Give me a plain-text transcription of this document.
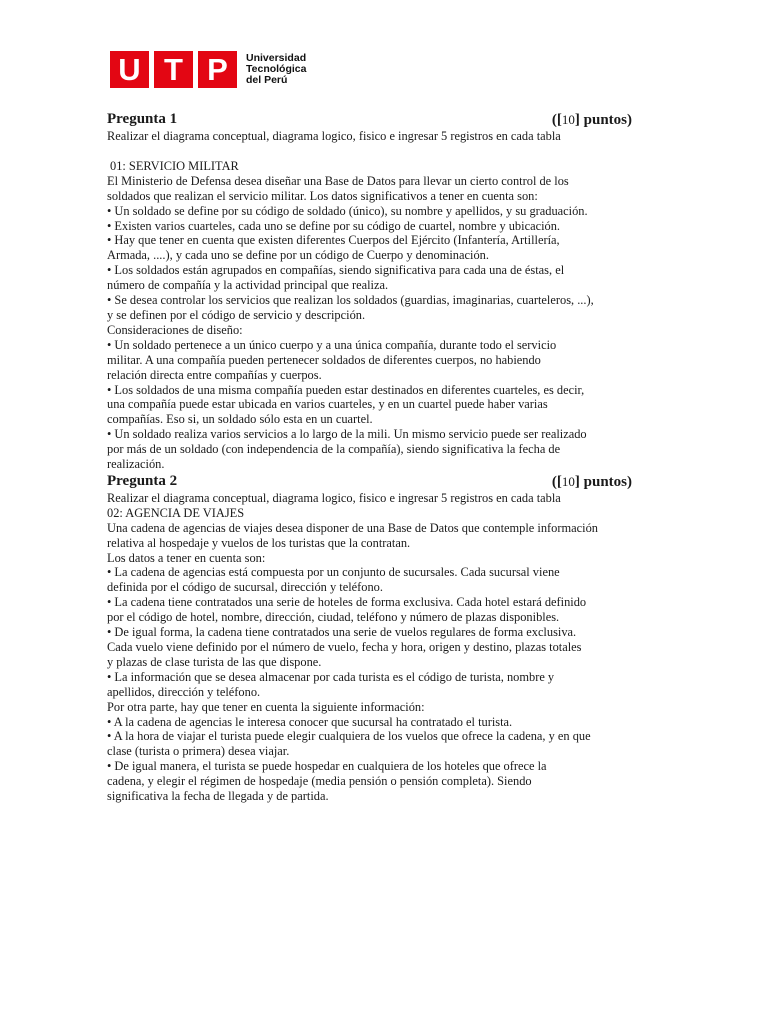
U T P	Universidad
Tecnológica
del Perú
Pregunta 1	([10] puntos)
Realizar el diagrama conceptual, diagrama logico, fisico e ingresar 5 registros en cada tabla
01: SERVICIO MILITAR
El Ministerio de Defensa desea diseñar una Base de Datos para llevar un cierto control de los
soldados que realizan el servicio militar. Los datos significativos a tener en cuenta son:
• Un soldado se define por su código de soldado (único), su nombre y apellidos, y su graduación.
• Existen varios cuarteles, cada uno se define por su código de cuartel, nombre y ubicación.
• Hay que tener en cuenta que existen diferentes Cuerpos del Ejército (Infantería, Artillería,
Armada, ....), y cada uno se define por un código de Cuerpo y denominación.
• Los soldados están agrupados en compañías, siendo significativa para cada una de éstas, el
número de compañía y la actividad principal que realiza.
• Se desea controlar los servicios que realizan los soldados (guardias, imaginarias, cuarteleros, ...),
y se definen por el código de servicio y descripción.
Consideraciones de diseño:
• Un soldado pertenece a un único cuerpo y a una única compañía, durante todo el servicio
militar. A una compañía pueden pertenecer soldados de diferentes cuerpos, no habiendo
relación directa entre compañías y cuerpos.
• Los soldados de una misma compañía pueden estar destinados en diferentes cuarteles, es decir,
una compañía puede estar ubicada en varios cuarteles, y en un cuartel puede haber varias
compañías. Eso si, un soldado sólo esta en un cuartel.
• Un soldado realiza varios servicios a lo largo de la mili. Un mismo servicio puede ser realizado
por más de un soldado (con independencia de la compañía), siendo significativa la fecha de
realización.
Pregunta 2	([10] puntos)
Realizar el diagrama conceptual, diagrama logico, fisico e ingresar 5 registros en cada tabla
02: AGENCIA DE VIAJES
Una cadena de agencias de viajes desea disponer de una Base de Datos que contemple información
relativa al hospedaje y vuelos de los turistas que la contratan.
Los datos a tener en cuenta son:
• La cadena de agencias está compuesta por un conjunto de sucursales. Cada sucursal viene
definida por el código de sucursal, dirección y teléfono.
• La cadena tiene contratados una serie de hoteles de forma exclusiva. Cada hotel estará definido
por el código de hotel, nombre, dirección, ciudad, teléfono y número de plazas disponibles.
• De igual forma, la cadena tiene contratados una serie de vuelos regulares de forma exclusiva.
Cada vuelo viene definido por el número de vuelo, fecha y hora, origen y destino, plazas totales
y plazas de clase turista de las que dispone.
• La información que se desea almacenar por cada turista es el código de turista, nombre y
apellidos, dirección y teléfono.
Por otra parte, hay que tener en cuenta la siguiente información:
• A la cadena de agencias le interesa conocer que sucursal ha contratado el turista.
• A la hora de viajar el turista puede elegir cualquiera de los vuelos que ofrece la cadena, y en que
clase (turista o primera) desea viajar.
• De igual manera, el turista se puede hospedar en cualquiera de los hoteles que ofrece la
cadena, y elegir el régimen de hospedaje (media pensión o pensión completa). Siendo
significativa la fecha de llegada y de partida.
